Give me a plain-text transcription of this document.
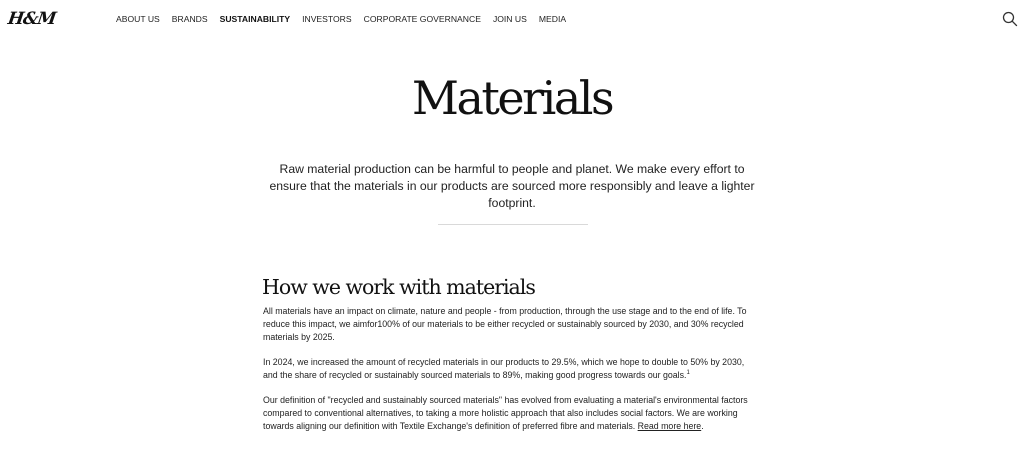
H&M	ABOUT US BRANDS SUSTAINABILITY INVESTORS CORPORATE GOVERNANCE JOIN US MEDIA
Materials
Raw material production can be harmful to people and planet. We make every effort to ensure that the materials in our products are sourced more responsibly and leave a lighter footprint.
How we work with materials

All materials have an impact on climate, nature and people - from production, through the use stage and to the end of life. To reduce this impact, we aimfor100% of our materials to be either recycled or sustainably sourced by 2030, and 30% recycled materials by 2025.

In 2024, we increased the amount of recycled materials in our products to 29.5%, which we hope to double to 50% by 2030, and the share of recycled or sustainably sourced materials to 89%, making good progress towards our goals.$^1$

Our definition of "recycled and sustainably sourced materials" has evolved from evaluating a material's environmental factors compared to conventional alternatives, to taking a more holistic approach that also includes social factors. We are working towards aligning our definition with Textile Exchange's definition of preferred fibre and materials. Read more here.
